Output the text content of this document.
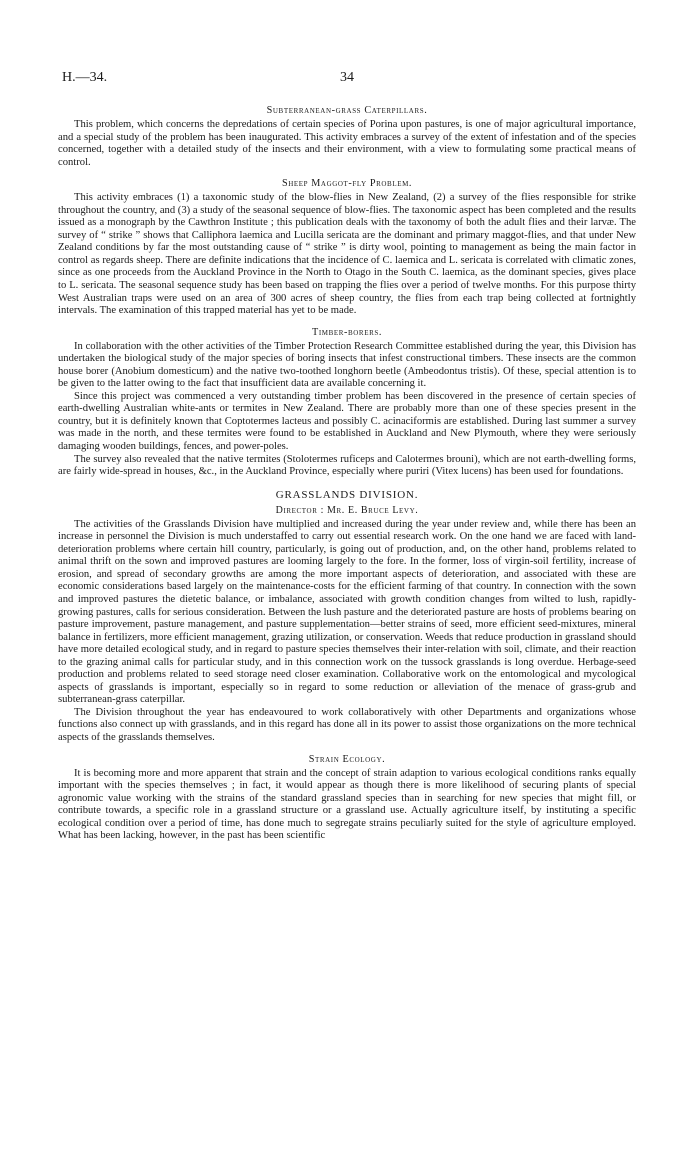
H.—34.	34
Subterranean-grass Caterpillars.

This problem, which concerns the depredations of certain species of Porina upon pastures, is one of major agricultural importance, and a special study of the problem has been inaugurated. This activity embraces a survey of the extent of infestation and of the species concerned, together with a detailed study of the insects and their environment, with a view to formulating some practical means of control.

Sheep Maggot-fly Problem.

This activity embraces (1) a taxonomic study of the blow-flies in New Zealand, (2) a survey of the flies responsible for strike throughout the country, and (3) a study of the seasonal sequence of blow-flies. The taxonomic aspect has been completed and the results issued as a monograph by the Cawthron Institute ; this publication deals with the taxonomy of both the adult flies and their larvæ. The survey of “ strike ” shows that Calliphora laemica and Lucilla sericata are the dominant and primary maggot-flies, and that under New Zealand conditions by far the most outstanding cause of “ strike ” is dirty wool, pointing to management as being the main factor in control as regards sheep. There are definite indications that the incidence of C. laemica and L. sericata is correlated with climatic zones, since as one proceeds from the Auckland Province in the North to Otago in the South C. laemica, as the dominant species, gives place to L. sericata. The seasonal sequence study has been based on trapping the flies over a period of twelve months. For this purpose thirty West Australian traps were used on an area of 300 acres of sheep country, the flies from each trap being collected at fortnightly intervals. The examination of this trapped material has yet to be made.

Timber-borers.

In collaboration with the other activities of the Timber Protection Research Committee established during the year, this Division has undertaken the biological study of the major species of boring insects that infest constructional timbers. These insects are the common house borer (Anobium domesticum) and the native two-toothed longhorn beetle (Ambeodontus tristis). Of these, special attention is to be given to the latter owing to the fact that insufficient data are available concerning it.

Since this project was commenced a very outstanding timber problem has been discovered in the presence of certain species of earth-dwelling Australian white-ants or termites in New Zealand. There are probably more than one of these species present in the country, but it is definitely known that Coptotermes lacteus and possibly C. acinaciformis are established. During last summer a survey was made in the north, and these termites were found to be established in Auckland and New Plymouth, where they were seriously damaging wooden buildings, fences, and power-poles.

The survey also revealed that the native termites (Stolotermes ruficeps and Calotermes brouni), which are not earth-dwelling forms, are fairly wide-spread in houses, &c., in the Auckland Province, especially where puriri (Vitex lucens) has been used for foundations.

GRASSLANDS DIVISION.
Director : Mr. E. Bruce Levy.

The activities of the Grasslands Division have multiplied and increased during the year under review and, while there has been an increase in personnel the Division is much understaffed to carry out essential research work. On the one hand we are faced with land-deterioration problems where certain hill country, particularly, is going out of production, and, on the other hand, problems related to animal thrift on the sown and improved pastures are looming largely to the fore. In the former, loss of virgin-soil fertility, increase of erosion, and spread of secondary growths are among the more important aspects of deterioration, and associated with these are economic considerations based largely on the maintenance-costs for the efficient farming of that country. In connection with the sown and improved pastures the dietetic balance, or imbalance, associated with growth condition changes from wilted to lush, rapidly-growing pastures, calls for serious consideration. Between the lush pasture and the deteriorated pasture are hosts of problems bearing on pasture improvement, pasture management, and pasture supplementation—better strains of seed, more efficient seed-mixtures, mineral balance in fertilizers, more efficient management, grazing utilization, or conservation. Weeds that reduce production in grassland should have more detailed ecological study, and in regard to pasture species themselves their inter-relation with soil, climate, and their reaction to the grazing animal calls for particular study, and in this connection work on the tussock grasslands is long overdue. Herbage-seed production and problems related to seed storage need closer examination. Collaborative work on the entomological and mycological aspects of grasslands is important, especially so in regard to some reduction or alleviation of the menace of grass-grub and subterranean-grass caterpillar.

The Division throughout the year has endeavoured to work collaboratively with other Departments and organizations whose functions also connect up with grasslands, and in this regard has done all in its power to assist those organizations on the more technical aspects of the grasslands themselves.

Strain Ecology.

It is becoming more and more apparent that strain and the concept of strain adaption to various ecological conditions ranks equally important with the species themselves ; in fact, it would appear as though there is more likelihood of securing plants of special agronomic value working with the strains of the standard grassland species than in searching for new species that might fill, or contribute towards, a specific role in a grassland structure or a grassland use. Actually agriculture itself, by instituting a specific ecological condition over a period of time, has done much to segregate strains peculiarly suited for the style of agriculture employed. What has been lacking, however, in the past has been scientific
